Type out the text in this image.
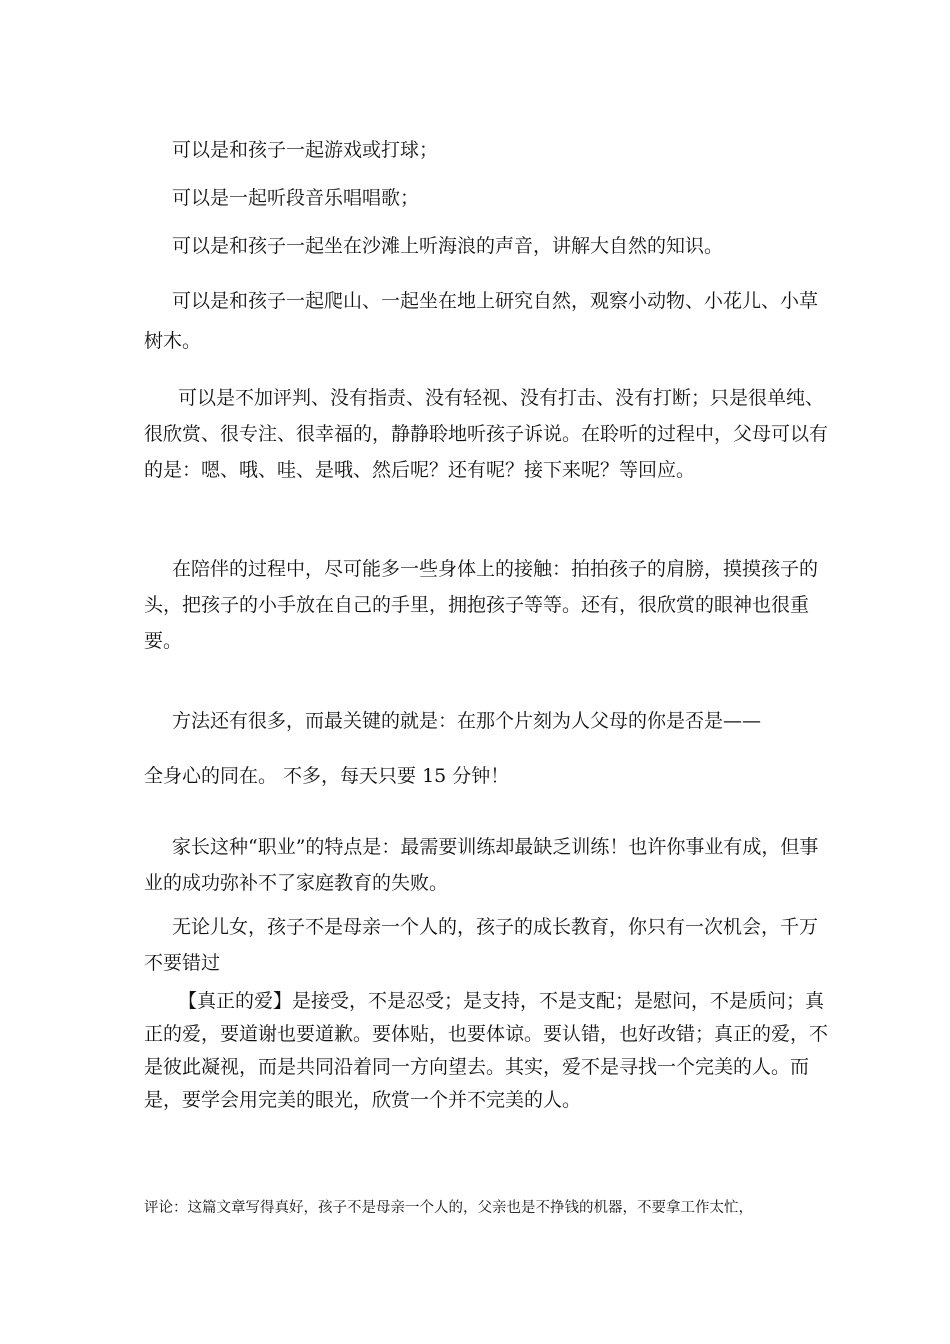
可以是和孩子一起游戏或打球；

可以是一起听段音乐唱唱歌；

可以是和孩子一起坐在沙滩上听海浪的声音，讲解大自然的知识。

可以是和孩子一起爬山、一起坐在地上研究自然，观察小动物、小花儿、小草树木。

可以是不加评判、没有指责、没有轻视、没有打击、没有打断；只是很单纯、很欣赏、很专注、很幸福的，静静聆地听孩子诉说。在聆听的过程中，父母可以有的是：嗯、哦、哇、是哦、然后呢？还有呢？接下来呢？等回应。

在陪伴的过程中，尽可能多一些身体上的接触：拍拍孩子的肩膀，摸摸孩子的头，把孩子的小手放在自己的手里，拥抱孩子等等。还有，很欣赏的眼神也很重要。

方法还有很多，而最关键的就是：在那个片刻为人父母的你是否是——

全身心的同在。 不多，每天只要 15 分钟！

家长这种“职业”的特点是：最需要训练却最缺乏训练！也许你事业有成，但事业的成功弥补不了家庭教育的失败。

无论儿女，孩子不是母亲一个人的，孩子的成长教育，你只有一次机会，千万不要错过

【真正的爱】是接受，不是忍受；是支持，不是支配；是慰问，不是质问；真正的爱，要道谢也要道歉。要体贴，也要体谅。要认错，也好改错；真正的爱，不是彼此凝视，而是共同沿着同一方向望去。其实，爱不是寻找一个完美的人。而是，要学会用完美的眼光，欣赏一个并不完美的人。

评论：这篇文章写得真好，孩子不是母亲一个人的，父亲也是不挣钱的机器，不要拿工作太忙，
